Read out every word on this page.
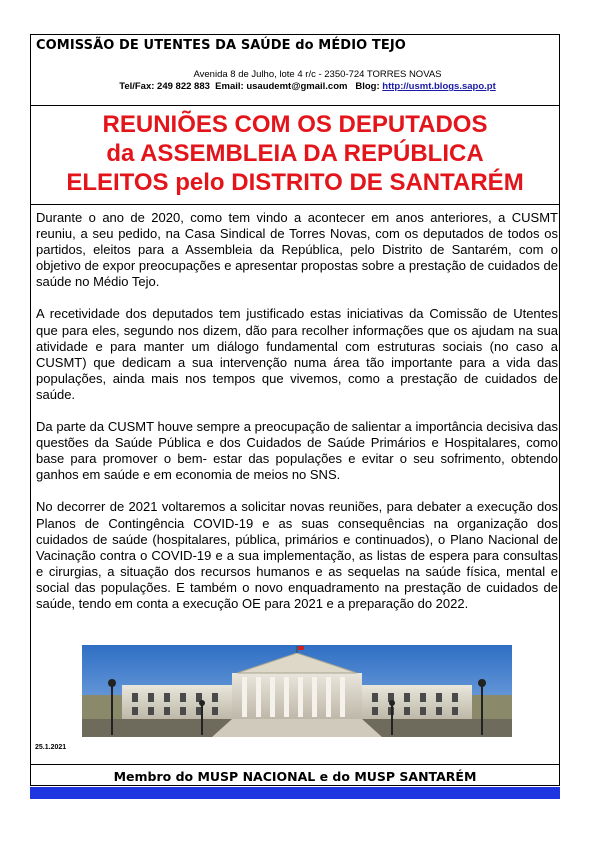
COMISSÃO DE UTENTES DA SAÚDE do MÉDIO TEJO
Avenida 8 de Julho, lote 4 r/c - 2350-724 TORRES NOVAS
Tel/Fax: 249 822 883 Email: usaudemt@gmail.com Blog: http://usmt.blogs.sapo.pt
REUNIÕES COM OS DEPUTADOS
da ASSEMBLEIA DA REPÚBLICA
ELEITOS pelo DISTRITO DE SANTARÉM

Durante o ano de 2020, como tem vindo a acontecer em anos anteriores, a CUSMT reuniu, a seu pedido, na Casa Sindical de Torres Novas, com os deputados de todos os partidos, eleitos para a Assembleia da República, pelo Distrito de Santarém, com o objetivo de expor preocupações e apresentar propostas sobre a prestação de cuidados de saúde no Médio Tejo.

A recetividade dos deputados tem justificado estas iniciativas da Comissão de Utentes que para eles, segundo nos dizem, dão para recolher informações que os ajudam na sua atividade e para manter um diálogo fundamental com estruturas sociais (no caso a CUSMT) que dedicam a sua intervenção numa área tão importante para a vida das populações, ainda mais nos tempos que vivemos, como a prestação de cuidados de saúde.

Da parte da CUSMT houve sempre a preocupação de salientar a importância decisiva das questões da Saúde Pública e dos Cuidados de Saúde Primários e Hospitalares, como base para promover o bem- estar das populações e evitar o seu sofrimento, obtendo ganhos em saúde e em economia de meios no SNS.

No decorrer de 2021 voltaremos a solicitar novas reuniões, para debater a execução dos Planos de Contingência COVID-19 e as suas consequências na organização dos cuidados de saúde (hospitalares, pública, primários e continuados), o Plano Nacional de Vacinação contra o COVID-19 e a sua implementação, as listas de espera para consultas e cirurgias, a situação dos recursos humanos e as sequelas na saúde física, mental e social das populações. E também o novo enquadramento na prestação de cuidados de saúde, tendo em conta a execução OE para 2021 e a preparação do 2022.

25.1.2021
Membro do MUSP NACIONAL e do MUSP SANTARÉM
